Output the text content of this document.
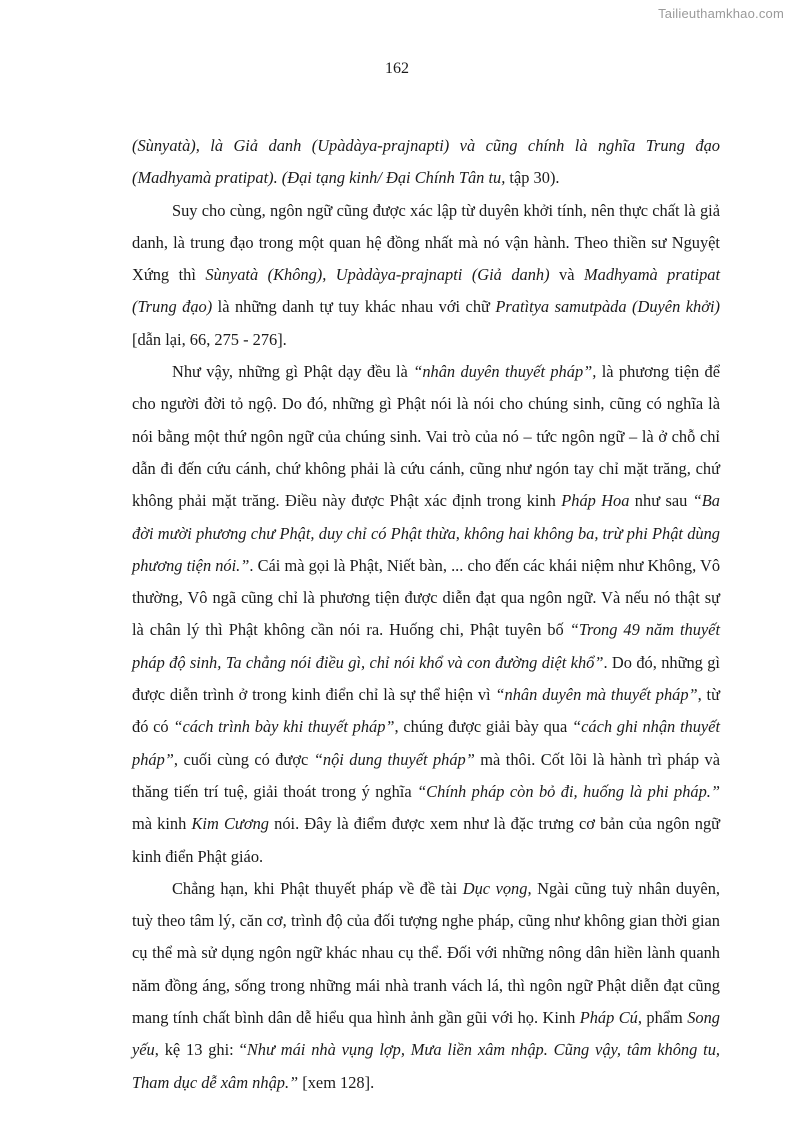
Tailieuthamkhao.com
162

(Sùnyatà), là Giả danh (Upàdàya-prajnapti) và cũng chính là nghĩa Trung đạo (Madhyamà pratipat). (Đại tạng kinh/ Đại Chính Tân tu, tập 30).

Suy cho cùng, ngôn ngữ cũng được xác lập từ duyên khởi tính, nên thực chất là giả danh, là trung đạo trong một quan hệ đồng nhất mà nó vận hành. Theo thiền sư Nguyệt Xứng thì Sùnyatà (Không), Upàdàya-prajnapti (Giả danh) và Madhyamà pratipat (Trung đạo) là những danh tự tuy khác nhau với chữ Pratìtya samutpàda (Duyên khởi) [dẫn lại, 66, 275 - 276].

Như vậy, những gì Phật dạy đều là “nhân duyên thuyết pháp”, là phương tiện để cho người đời tỏ ngộ. Do đó, những gì Phật nói là nói cho chúng sinh, cũng có nghĩa là nói bằng một thứ ngôn ngữ của chúng sinh. Vai trò của nó – tức ngôn ngữ – là ở chỗ chỉ dẫn đi đến cứu cánh, chứ không phải là cứu cánh, cũng như ngón tay chỉ mặt trăng, chứ không phải mặt trăng. Điều này được Phật xác định trong kinh Pháp Hoa như sau “Ba đời mười phương chư Phật, duy chỉ có Phật thừa, không hai không ba, trừ phi Phật dùng phương tiện nói.”. Cái mà gọi là Phật, Niết bàn, ... cho đến các khái niệm như Không, Vô thường, Vô ngã cũng chỉ là phương tiện được diễn đạt qua ngôn ngữ. Và nếu nó thật sự là chân lý thì Phật không cần nói ra. Huống chi, Phật tuyên bố “Trong 49 năm thuyết pháp độ sinh, Ta chẳng nói điều gì, chỉ nói khổ và con đường diệt khổ”. Do đó, những gì được diễn trình ở trong kinh điển chỉ là sự thể hiện vì “nhân duyên mà thuyết pháp”, từ đó có “cách trình bày khi thuyết pháp”, chúng được giải bày qua “cách ghi nhận thuyết pháp”, cuối cùng có được “nội dung thuyết pháp” mà thôi. Cốt lõi là hành trì pháp và thăng tiến trí tuệ, giải thoát trong ý nghĩa “Chính pháp còn bỏ đi, huống là phi pháp.” mà kinh Kim Cương nói. Đây là điểm được xem như là đặc trưng cơ bản của ngôn ngữ kinh điển Phật giáo.

Chẳng hạn, khi Phật thuyết pháp về đề tài Dục vọng, Ngài cũng tuỳ nhân duyên, tuỳ theo tâm lý, căn cơ, trình độ của đối tượng nghe pháp, cũng như không gian thời gian cụ thể mà sử dụng ngôn ngữ khác nhau cụ thể. Đối với những nông dân hiền lành quanh năm đồng áng, sống trong những mái nhà tranh vách lá, thì ngôn ngữ Phật diễn đạt cũng mang tính chất bình dân dễ hiểu qua hình ảnh gần gũi với họ. Kinh Pháp Cú, phẩm Song yếu, kệ 13 ghi: “Như mái nhà vụng lợp, Mưa liền xâm nhập. Cũng vậy, tâm không tu, Tham dục dễ xâm nhập.” [xem 128].
